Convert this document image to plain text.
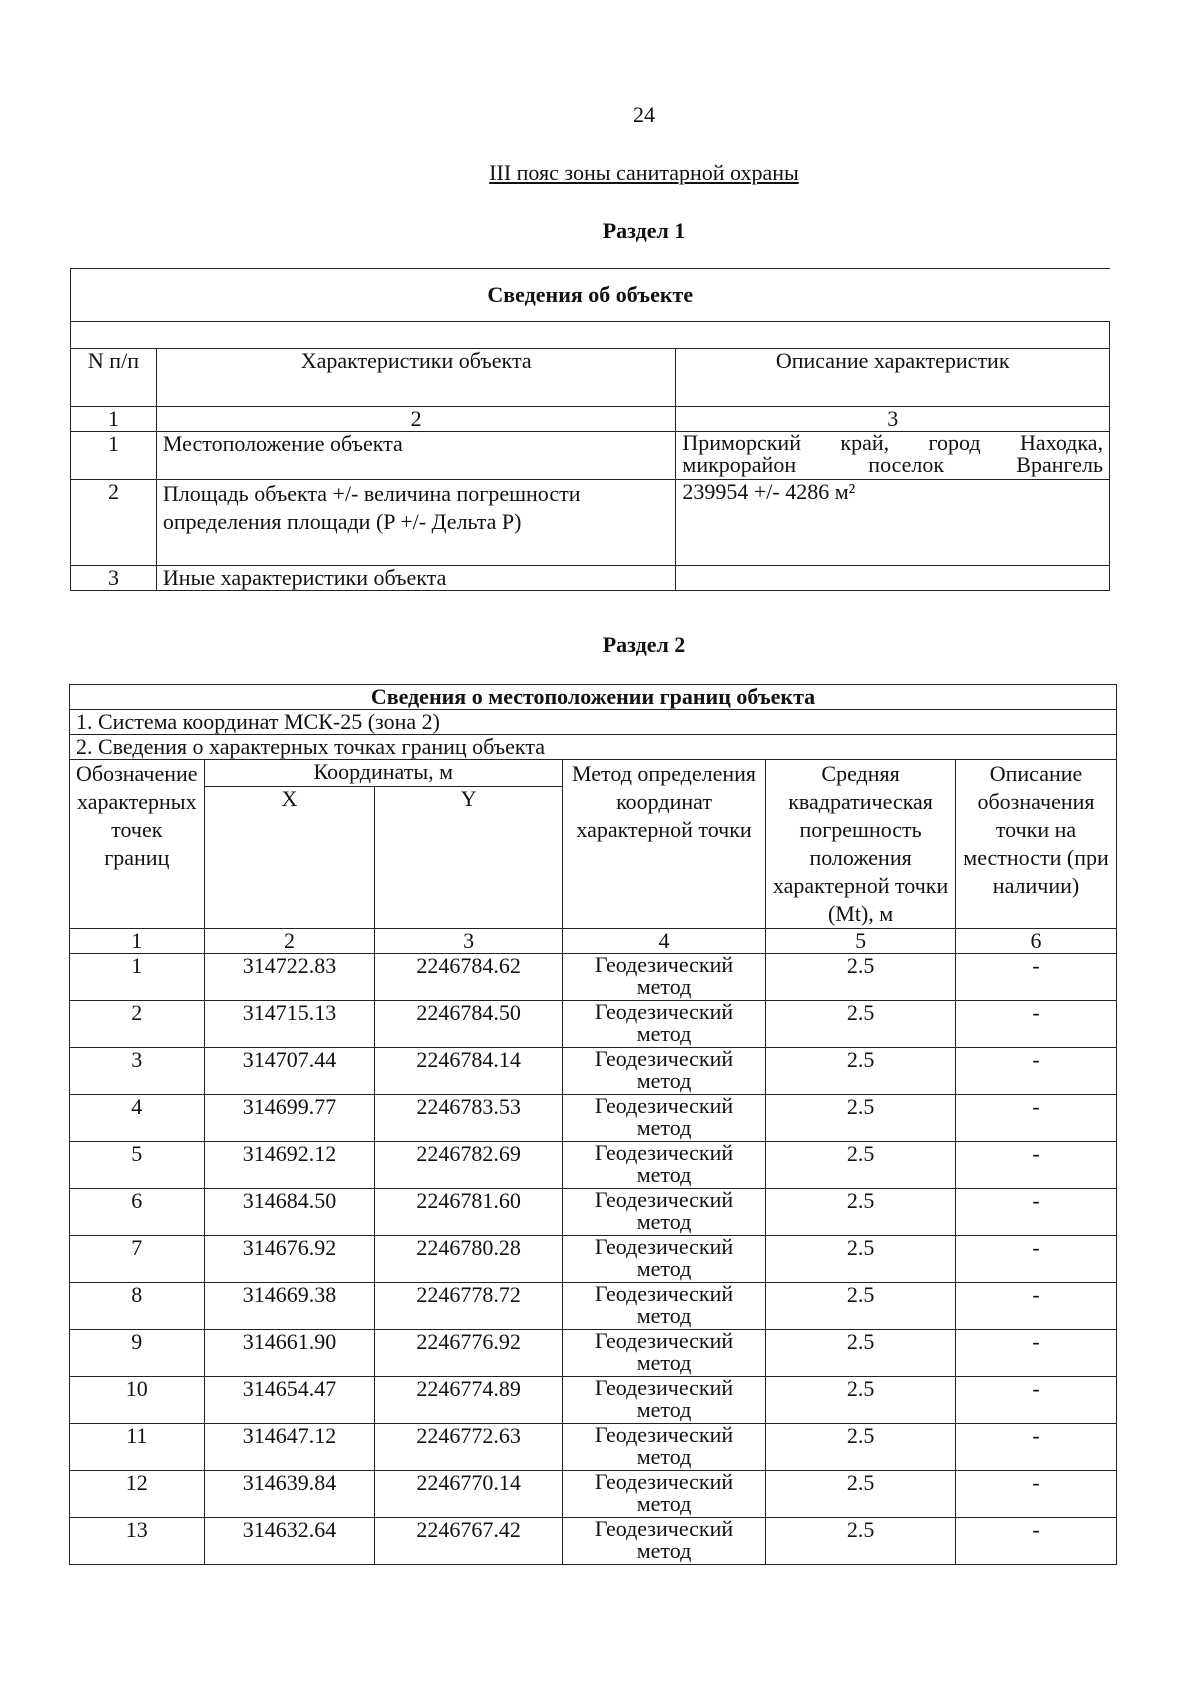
24
III пояс зоны санитарной охраны
Раздел 1
Сведения об объекте		

N п/п	Характеристики объекта	Описание характеристик
1	2	3
1	Местоположение объекта	Приморский край, город Находка, микрорайон поселок Врангель
2	Площадь объекта +/- величина погрешности определения площади (P +/- Дельта P)	239954 +/- 4286 м²
3	Иные характеристики объекта	
Раздел 2
Сведения о местоположении границ объекта					
1. Система координат МСК-25 (зона 2)					
2. Сведения о характерных точках границ объекта					
Обозначение характерных точек границ	Координаты, м		Метод определения координат характерной точки	Средняя квадратическая погрешность положения характерной точки (Mt), м	Описание обозначения точки на местности (при наличии)
	X	Y			
1	2	3	4	5	6
1	314722.83	2246784.62	Геодезический метод	2.5	-
2	314715.13	2246784.50	Геодезический метод	2.5	-
3	314707.44	2246784.14	Геодезический метод	2.5	-
4	314699.77	2246783.53	Геодезический метод	2.5	-
5	314692.12	2246782.69	Геодезический метод	2.5	-
6	314684.50	2246781.60	Геодезический метод	2.5	-
7	314676.92	2246780.28	Геодезический метод	2.5	-
8	314669.38	2246778.72	Геодезический метод	2.5	-
9	314661.90	2246776.92	Геодезический метод	2.5	-
10	314654.47	2246774.89	Геодезический метод	2.5	-
11	314647.12	2246772.63	Геодезический метод	2.5	-
12	314639.84	2246770.14	Геодезический метод	2.5	-
13	314632.64	2246767.42	Геодезический метод	2.5	-
